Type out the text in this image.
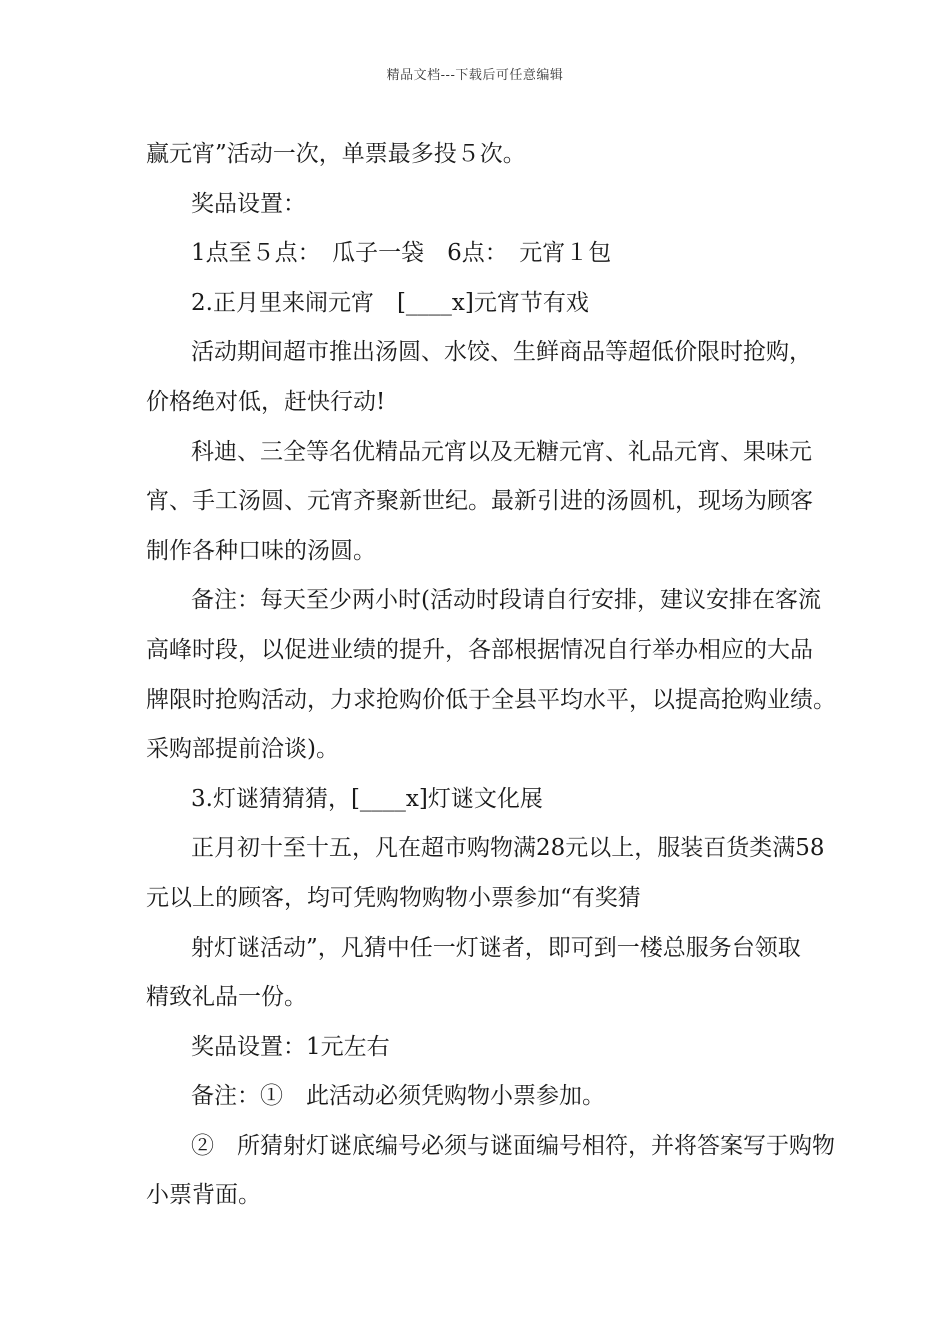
精品文档---下载后可任意编辑
赢元宵”活动一次，单票最多投５次。
奖品设置：
1点至５点：　瓜子一袋　6点：　元宵１包
2.正月里来闹元宵　[____x]元宵节有戏
活动期间超市推出汤圆、水饺、生鲜商品等超低价限时抢购，
价格绝对低，赶快行动!
科迪、三全等名优精品元宵以及无糖元宵、礼品元宵、果味元
宵、手工汤圆、元宵齐聚新世纪。最新引进的汤圆机，现场为顾客
制作各种口味的汤圆。
备注：每天至少两小时(活动时段请自行安排，建议安排在客流
高峰时段，以促进业绩的提升，各部根据情况自行举办相应的大品
牌限时抢购活动，力求抢购价低于全县平均水平，以提高抢购业绩。
采购部提前洽谈)。
3.灯谜猜猜猜，[____x]灯谜文化展
正月初十至十五，凡在超市购物满28元以上，服装百货类满58
元以上的顾客，均可凭购物购物小票参加“有奖猜
射灯谜活动”，凡猜中任一灯谜者，即可到一楼总服务台领取
精致礼品一份。
奖品设置：1元左右
备注：①　此活动必须凭购物小票参加。
②　所猜射灯谜底编号必须与谜面编号相符，并将答案写于购物
小票背面。
